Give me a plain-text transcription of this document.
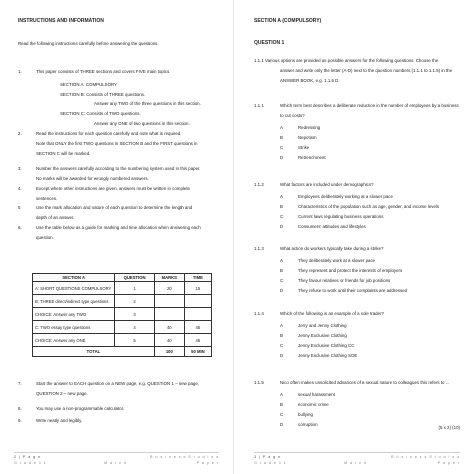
INSTRUCTIONS AND INFORMATION
Read the following instructions carefully before answering the questions.
1.	This paper consists of THREE sections and covers FIVE main topics.
SECTION A: COMPULSORY
SECTION B: Consists of THREE questions.
Answer any TWO of the three questions in this section.
SECTION C: Consists of TWO questions.
Answer any ONE of two questions in this section.
2.	Read the instructions for each question carefully and note what is required.
Note that ONLY the first TWO questions in SECTION B and the FIRST questions in
SECTION C will be marked.
3.	Number the answers carefully according to the numbering system used in this paper.
No marks will be awarded for wrongly numbered answers.
4.	Except where other instructions are given, answers must be written in complete
sentences.
5	Use the mark allocation and nature of each question to determine the length and
depth of an answer.
6.	Use the table below as a guide for marking and time allocation when answering each
question.
SECTION A	QUESTION	MARKS	TIME
A: SHORT QUESTIONS COMPULSORY	1	20	15
B: THREE direct/indirect type questions	2		
CHOICE: Answer any TWO	3		
C: TWO essay type questions	4	40	45
CHOICE: Answer any ONE	5	40	45
TOTAL		100	50 MIN
7.	Start the answer to EACH question on a NEW page, e.g. QUESTION 1 – new page,
QUESTION 2 – new page.
8.	You may use a non-programmable calculator.
9.	Write neatly and legibly.
2 | P a g e	B u s i n e s s S t u d i e s
G r a d e 1 1	M a r c h	P a p e r
SECTION A (COMPULSORY)
QUESTION 1
1.1.1 Various options are provided as possible answers for the following questions. Choose the
answer and write only the letter (A-D) next to the question numbers (1.1.1 to 1.1.5) in the
ANSWER BOOK, e.g. 1.1.6 D.
1.1.1	Which term best describes a deliberate reduction in the number of employees by a business
to cut costs?
A	Redressing
B	Nepotism
C	Strike
D	Retrenchment
1.1.2	What factors are included under demographics?
A	Employees deliberately working at a slower pace
B	Characteristics of the population such as age, gender, and income levels
C	Current laws regulating business operations
D	Consumers' attitudes and lifestyles
1.1.3	What action do workers typically take during a strike?
A	They deliberately work at a slower pace
B	They represent and protect the interests of employers
C	They favour relatives or friends for job positions
D	They refuse to work until their complaints are addressed
1.1.4	Which of the following is an example of a sole trader?
A	Jerry and Jenny Clothing
B	Jenny Exclusive Clothing
C	Jenny Exclusive Clothing CC
D	Jenny Exclusive Clothing SOE
1.1.5	Nico often makes unsolicited advances of a sexual nature to colleagues this refers to ...
A	sexual harassment
B	economic crime
C	bullying
D	corruption
(5 x 2) (10)
3 | P a g e	B u s i n e s s S t u d i e s
G r a d e 1 1	M a r c h	P a p e r
